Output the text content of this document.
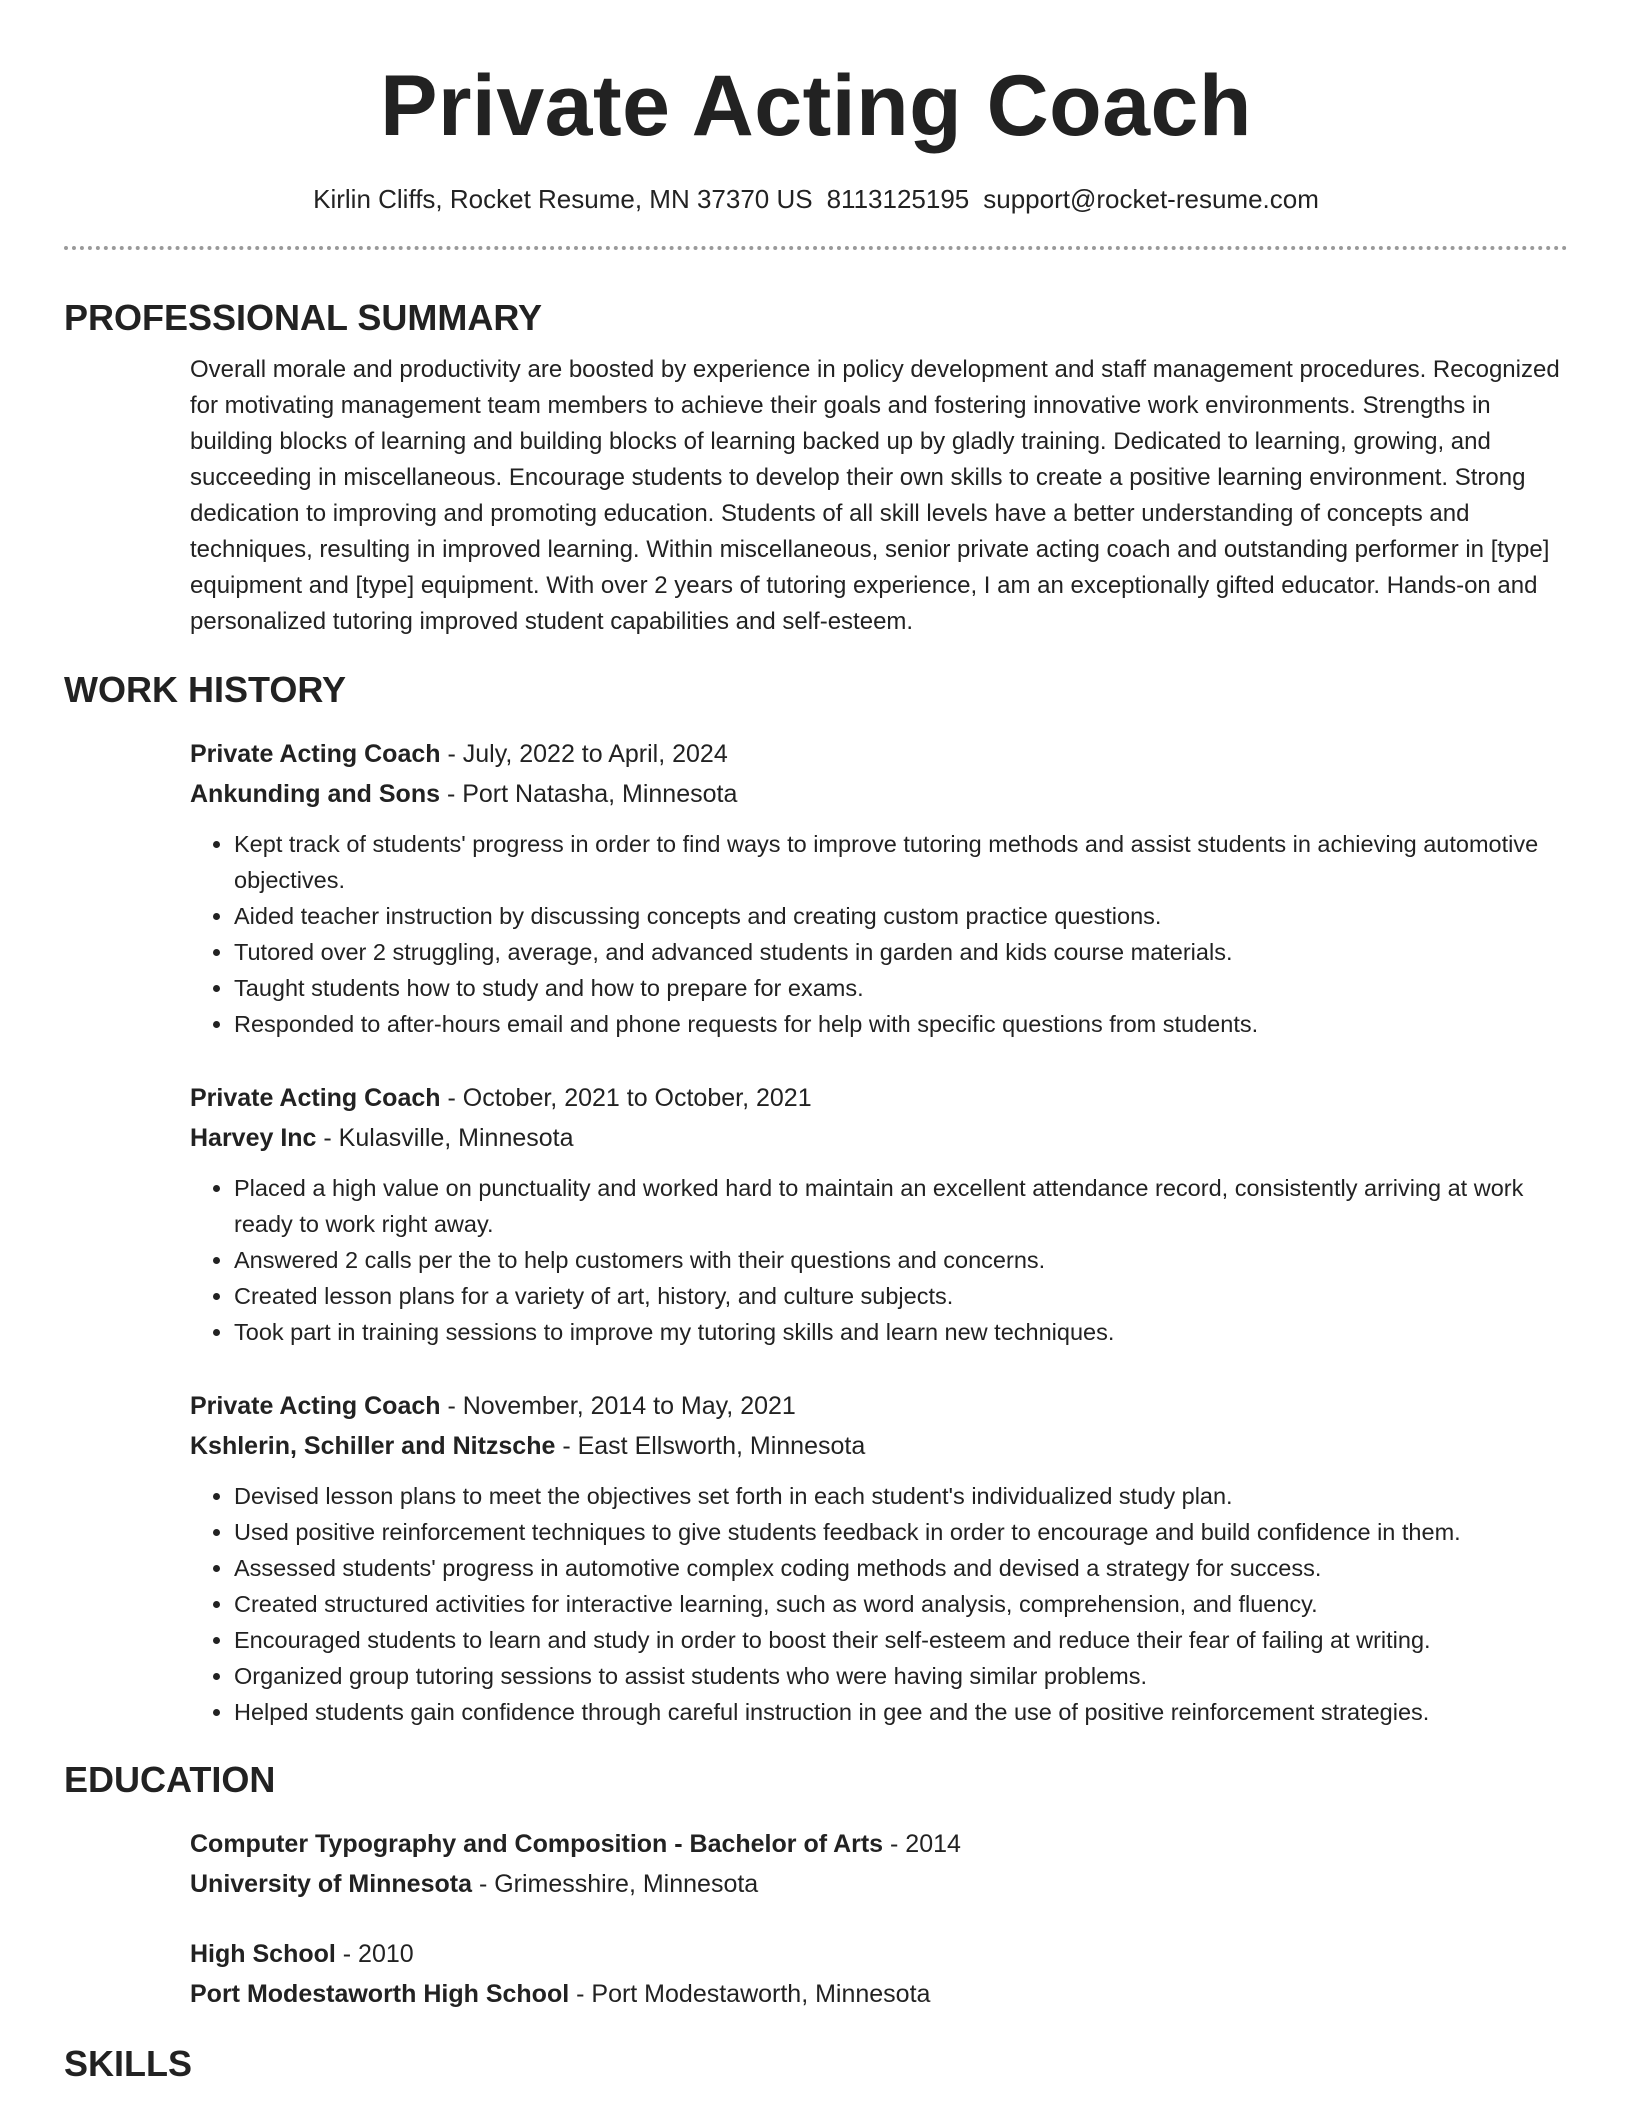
Private Acting Coach
Kirlin Cliffs, Rocket Resume, MN 37370 US 8113125195 support@rocket-resume.com
PROFESSIONAL SUMMARY
Overall morale and productivity are boosted by experience in policy development and staff management procedures. Recognized for motivating management team members to achieve their goals and fostering innovative work environments. Strengths in building blocks of learning and building blocks of learning backed up by gladly training. Dedicated to learning, growing, and succeeding in miscellaneous. Encourage students to develop their own skills to create a positive learning environment. Strong dedication to improving and promoting education. Students of all skill levels have a better understanding of concepts and techniques, resulting in improved learning. Within miscellaneous, senior private acting coach and outstanding performer in [type] equipment and [type] equipment. With over 2 years of tutoring experience, I am an exceptionally gifted educator. Hands-on and personalized tutoring improved student capabilities and self-esteem.
WORK HISTORY
Private Acting Coach - July, 2022 to April, 2024
Ankunding and Sons - Port Natasha, Minnesota
• Kept track of students' progress in order to find ways to improve tutoring methods and assist students in achieving automotive objectives.
• Aided teacher instruction by discussing concepts and creating custom practice questions.
• Tutored over 2 struggling, average, and advanced students in garden and kids course materials.
• Taught students how to study and how to prepare for exams.
• Responded to after-hours email and phone requests for help with specific questions from students.
Private Acting Coach - October, 2021 to October, 2021
Harvey Inc - Kulasville, Minnesota
• Placed a high value on punctuality and worked hard to maintain an excellent attendance record, consistently arriving at work ready to work right away.
• Answered 2 calls per the to help customers with their questions and concerns.
• Created lesson plans for a variety of art, history, and culture subjects.
• Took part in training sessions to improve my tutoring skills and learn new techniques.
Private Acting Coach - November, 2014 to May, 2021
Kshlerin, Schiller and Nitzsche - East Ellsworth, Minnesota
• Devised lesson plans to meet the objectives set forth in each student's individualized study plan.
• Used positive reinforcement techniques to give students feedback in order to encourage and build confidence in them.
• Assessed students' progress in automotive complex coding methods and devised a strategy for success.
• Created structured activities for interactive learning, such as word analysis, comprehension, and fluency.
• Encouraged students to learn and study in order to boost their self-esteem and reduce their fear of failing at writing.
• Organized group tutoring sessions to assist students who were having similar problems.
• Helped students gain confidence through careful instruction in gee and the use of positive reinforcement strategies.
EDUCATION
Computer Typography and Composition - Bachelor of Arts - 2014
University of Minnesota - Grimesshire, Minnesota
High School - 2010
Port Modestaworth High School - Port Modestaworth, Minnesota
SKILLS
